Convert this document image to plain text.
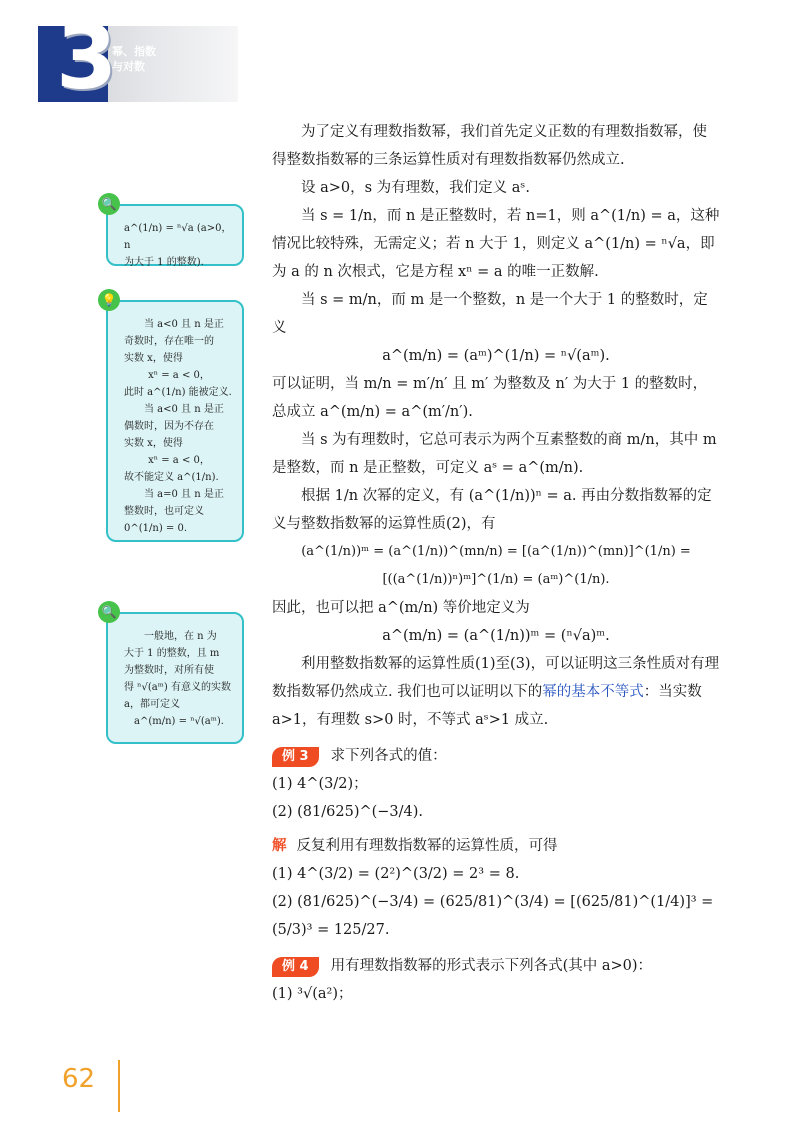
3
幂、指数
与对数
🔍

a^(1/n) = ⁿ√a (a>0，n

为大于 1 的整数).

💡

当 a<0 且 n 是正

奇数时，存在唯一的

实数 x，使得

xⁿ = a < 0，

此时 a^(1/n) 能被定义.

当 a<0 且 n 是正

偶数时，因为不存在

实数 x，使得

xⁿ = a < 0，

故不能定义 a^(1/n).

当 a=0 且 n 是正

整数时，也可定义

0^(1/n) = 0.

🔍

一般地，在 n 为

大于 1 的整数，且 m

为整数时，对所有使

得 ⁿ√(aᵐ) 有意义的实数

a，都可定义

a^(m/n) = ⁿ√(aᵐ).

为了定义有理数指数幂，我们首先定义正数的有理数指数幂，使得整数指数幂的三条运算性质对有理数指数幂仍然成立.

设 a>0，s 为有理数，我们定义 aˢ.

当 s = 1/n，而 n 是正整数时，若 n=1，则 a^(1/n) = a，这种情况比较特殊，无需定义；若 n 大于 1，则定义 a^(1/n) = ⁿ√a，即为 a 的 n 次根式，它是方程 xⁿ = a 的唯一正数解.

当 s = m/n，而 m 是一个整数，n 是一个大于 1 的整数时，定义

a^(m/n) = (aᵐ)^(1/n) = ⁿ√(aᵐ).

可以证明，当 m/n = m′/n′ 且 m′ 为整数及 n′ 为大于 1 的整数时，总成立 a^(m/n) = a^(m′/n′).

当 s 为有理数时，它总可表示为两个互素整数的商 m/n，其中 m 是整数，而 n 是正整数，可定义 aˢ = a^(m/n).

根据 1/n 次幂的定义，有 (a^(1/n))ⁿ = a. 再由分数指数幂的定义与整数指数幂的运算性质(2)，有

(a^(1/n))ᵐ = (a^(1/n))^(mn/n) = [(a^(1/n))^(mn)]^(1/n) = [((a^(1/n))ⁿ)ᵐ]^(1/n) = (aᵐ)^(1/n).

因此，也可以把 a^(m/n) 等价地定义为

a^(m/n) = (a^(1/n))ᵐ = (ⁿ√a)ᵐ.

利用整数指数幂的运算性质(1)至(3)，可以证明这三条性质对有理数指数幂仍然成立. 我们也可以证明以下的幂的基本不等式：当实数 a>1，有理数 s>0 时，不等式 aˢ>1 成立.

例 3 求下列各式的值：

(1) 4^(3/2)；

(2) (81/625)^(−3/4).

解 反复利用有理数指数幂的运算性质，可得

(1) 4^(3/2) = (2²)^(3/2) = 2³ = 8.

(2) (81/625)^(−3/4) = (625/81)^(3/4) = [(625/81)^(1/4)]³ = (5/3)³ = 125/27.

例 4 用有理数指数幂的形式表示下列各式(其中 a>0)：

(1) ³√(a²)；

62
